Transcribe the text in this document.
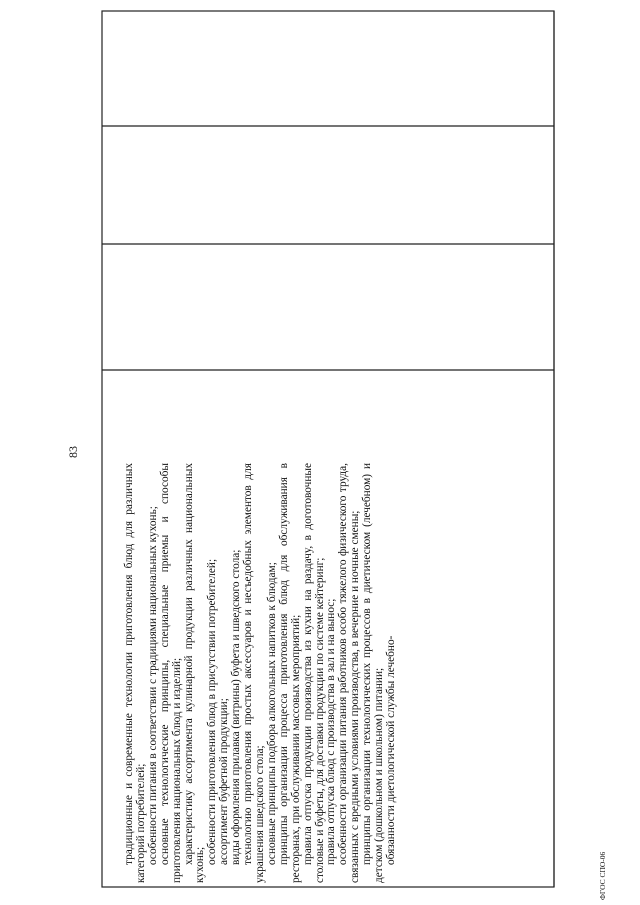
83

традиционные и современные технологии приготовления блюд для различных категорий потребителей; особенности питания в соответствии с традициями национальных кухонь; основные технологические принципы, специальные приемы и способы приготовления национальных блюд и изделий; характеристику ассортимента кулинарной продукции различных национальных кухонь; особенности приготовления блюд в присутствии потребителей; ассортимент буфетной продукции; виды оформления прилавка (витрины) буфета и шведского стола; технологию приготовления простых аксессуаров и несъедобных элементов для украшения шведского стола; основные принципы подбора алкогольных напитков к блюдам; принципы организации процесса приготовления блюд для обслуживания в ресторанах, при обслуживании массовых мероприятий; правила отпуска продукции производства из кухни на раздачу, в доготовочные столовые и буфеты, для доставки продукции по системе кейтеринг; правила отпуска блюд с производства в зал и на вынос; особенности организации питания работников особо тяжелого физического труда, связанных с вредными условиями производства, в вечерние и ночные смены; принципы организации технологических процессов в диетическом (лечебном) и детском (дошкольном и школьном) питании; обязанности диетологической службы лечебно-

ФГОС СПО-06
